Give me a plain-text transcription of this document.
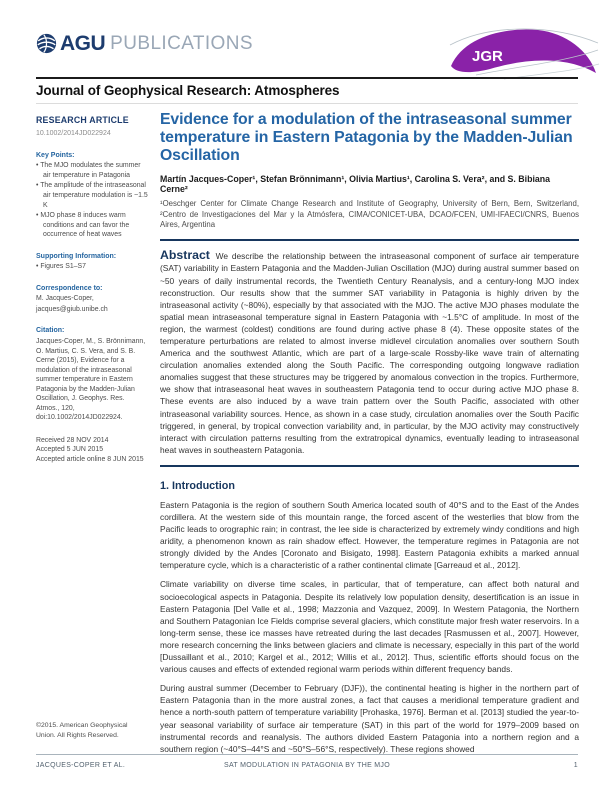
AGU PUBLICATIONS
JGR
Journal of Geophysical Research: Atmospheres
RESEARCH ARTICLE
10.1002/2014JD022924
Key Points:
• The MJO modulates the summer air temperature in Patagonia
• The amplitude of the intraseasonal air temperature modulation is ~1.5 K
• MJO phase 8 induces warm conditions and can favor the occurrence of heat waves
Supporting Information:
• Figures S1–S7
Correspondence to:
M. Jacques-Coper,
jacques@giub.unibe.ch
Citation:
Jacques-Coper, M., S. Brönnimann, O. Martius, C. S. Vera, and S. B. Cerne (2015), Evidence for a modulation of the intraseasonal summer temperature in Eastern Patagonia by the Madden-Julian Oscillation, J. Geophys. Res. Atmos., 120, doi:10.1002/2014JD022924.
Received 28 NOV 2014
Accepted 5 JUN 2015
Accepted article online 8 JUN 2015
©2015. American Geophysical Union. All Rights Reserved.
Evidence for a modulation of the intraseasonal summer temperature in Eastern Patagonia by the Madden-Julian Oscillation
Martín Jacques-Coper¹, Stefan Brönnimann¹, Olivia Martius¹, Carolina S. Vera², and S. Bibiana Cerne²
¹Oeschger Center for Climate Change Research and Institute of Geography, University of Bern, Bern, Switzerland, ²Centro de Investigaciones del Mar y la Atmósfera, CIMA/CONICET-UBA, DCAO/FCEN, UMI-IFAECI/CNRS, Buenos Aires, Argentina

Abstract We describe the relationship between the intraseasonal component of surface air temperature (SAT) variability in Eastern Patagonia and the Madden-Julian Oscillation (MJO) during austral summer based on ~50 years of daily instrumental records, the Twentieth Century Reanalysis, and a century-long MJO index reconstruction. Our results show that the summer SAT variability in Patagonia is highly driven by the intraseasonal activity (~80%), especially by that associated with the MJO. The active MJO phases modulate the spatial mean intraseasonal temperature signal in Eastern Patagonia with ~1.5°C of amplitude. In most of the region, the warmest (coldest) conditions are found during active phase 8 (4). These opposite states of the temperature perturbations are related to almost inverse midlevel circulation anomalies over southern South America and the southwest Atlantic, which are part of a large-scale Rossby-like wave train of alternating circulation anomalies extended along the South Pacific. The corresponding outgoing longwave radiation anomalies suggest that these structures may be triggered by anomalous convection in the tropics. Furthermore, we show that intraseasonal heat waves in southeastern Patagonia tend to occur during active MJO phase 8. These events are also induced by a wave train pattern over the South Pacific, associated with other intraseasonal variability sources. Hence, as shown in a case study, circulation anomalies over the South Pacific triggered, in general, by tropical convection variability and, in particular, by the MJO activity may constructively interact with circulation patterns resulting from the extratropical dynamics, eventually leading to intraseasonal heat waves in southeastern Patagonia.

1. Introduction

Eastern Patagonia is the region of southern South America located south of 40°S and to the East of the Andes cordillera. At the western side of this mountain range, the forced ascent of the westerlies that blow from the Pacific leads to orographic rain; in contrast, the lee side is characterized by extremely windy conditions and high aridity, a phenomenon known as rain shadow effect. However, the temperature regimes in Patagonia are not strongly divided by the Andes [Coronato and Bisigato, 1998]. Eastern Patagonia exhibits a marked annual temperature cycle, which is a characteristic of a rather continental climate [Garreaud et al., 2012].

Climate variability on diverse time scales, in particular, that of temperature, can affect both natural and socioecological aspects in Patagonia. Despite its relatively low population density, desertification is an issue in Eastern Patagonia [Del Valle et al., 1998; Mazzonia and Vazquez, 2009]. In Western Patagonia, the Northern and Southern Patagonian Ice Fields comprise several glaciers, which constitute major fresh water reservoirs. In a long-term sense, these ice masses have retreated during the last decades [Rasmussen et al., 2007]. However, more research concerning the links between glaciers and climate is necessary, especially in this part of the world [Dussaillant et al., 2010; Kargel et al., 2012; Willis et al., 2012]. Thus, scientific efforts should focus on the various causes and effects of extended regional warm periods within different frequency bands.

During austral summer (December to February (DJF)), the continental heating is higher in the northern part of Eastern Patagonia than in the more austral zones, a fact that causes a meridional temperature gradient and hence a north-south pattern of temperature variability [Prohaska, 1976]. Berman et al. [2013] studied the year-to-year seasonal variability of surface air temperature (SAT) in this part of the world for 1979–2009 based on instrumental records and reanalysis. The authors divided Eastern Patagonia into a northern region and a southern region (~40°S–44°S and ~50°S–56°S, respectively). These regions showed

JACQUES-COPER ET AL.	SAT MODULATION IN PATAGONIA BY THE MJO	1
